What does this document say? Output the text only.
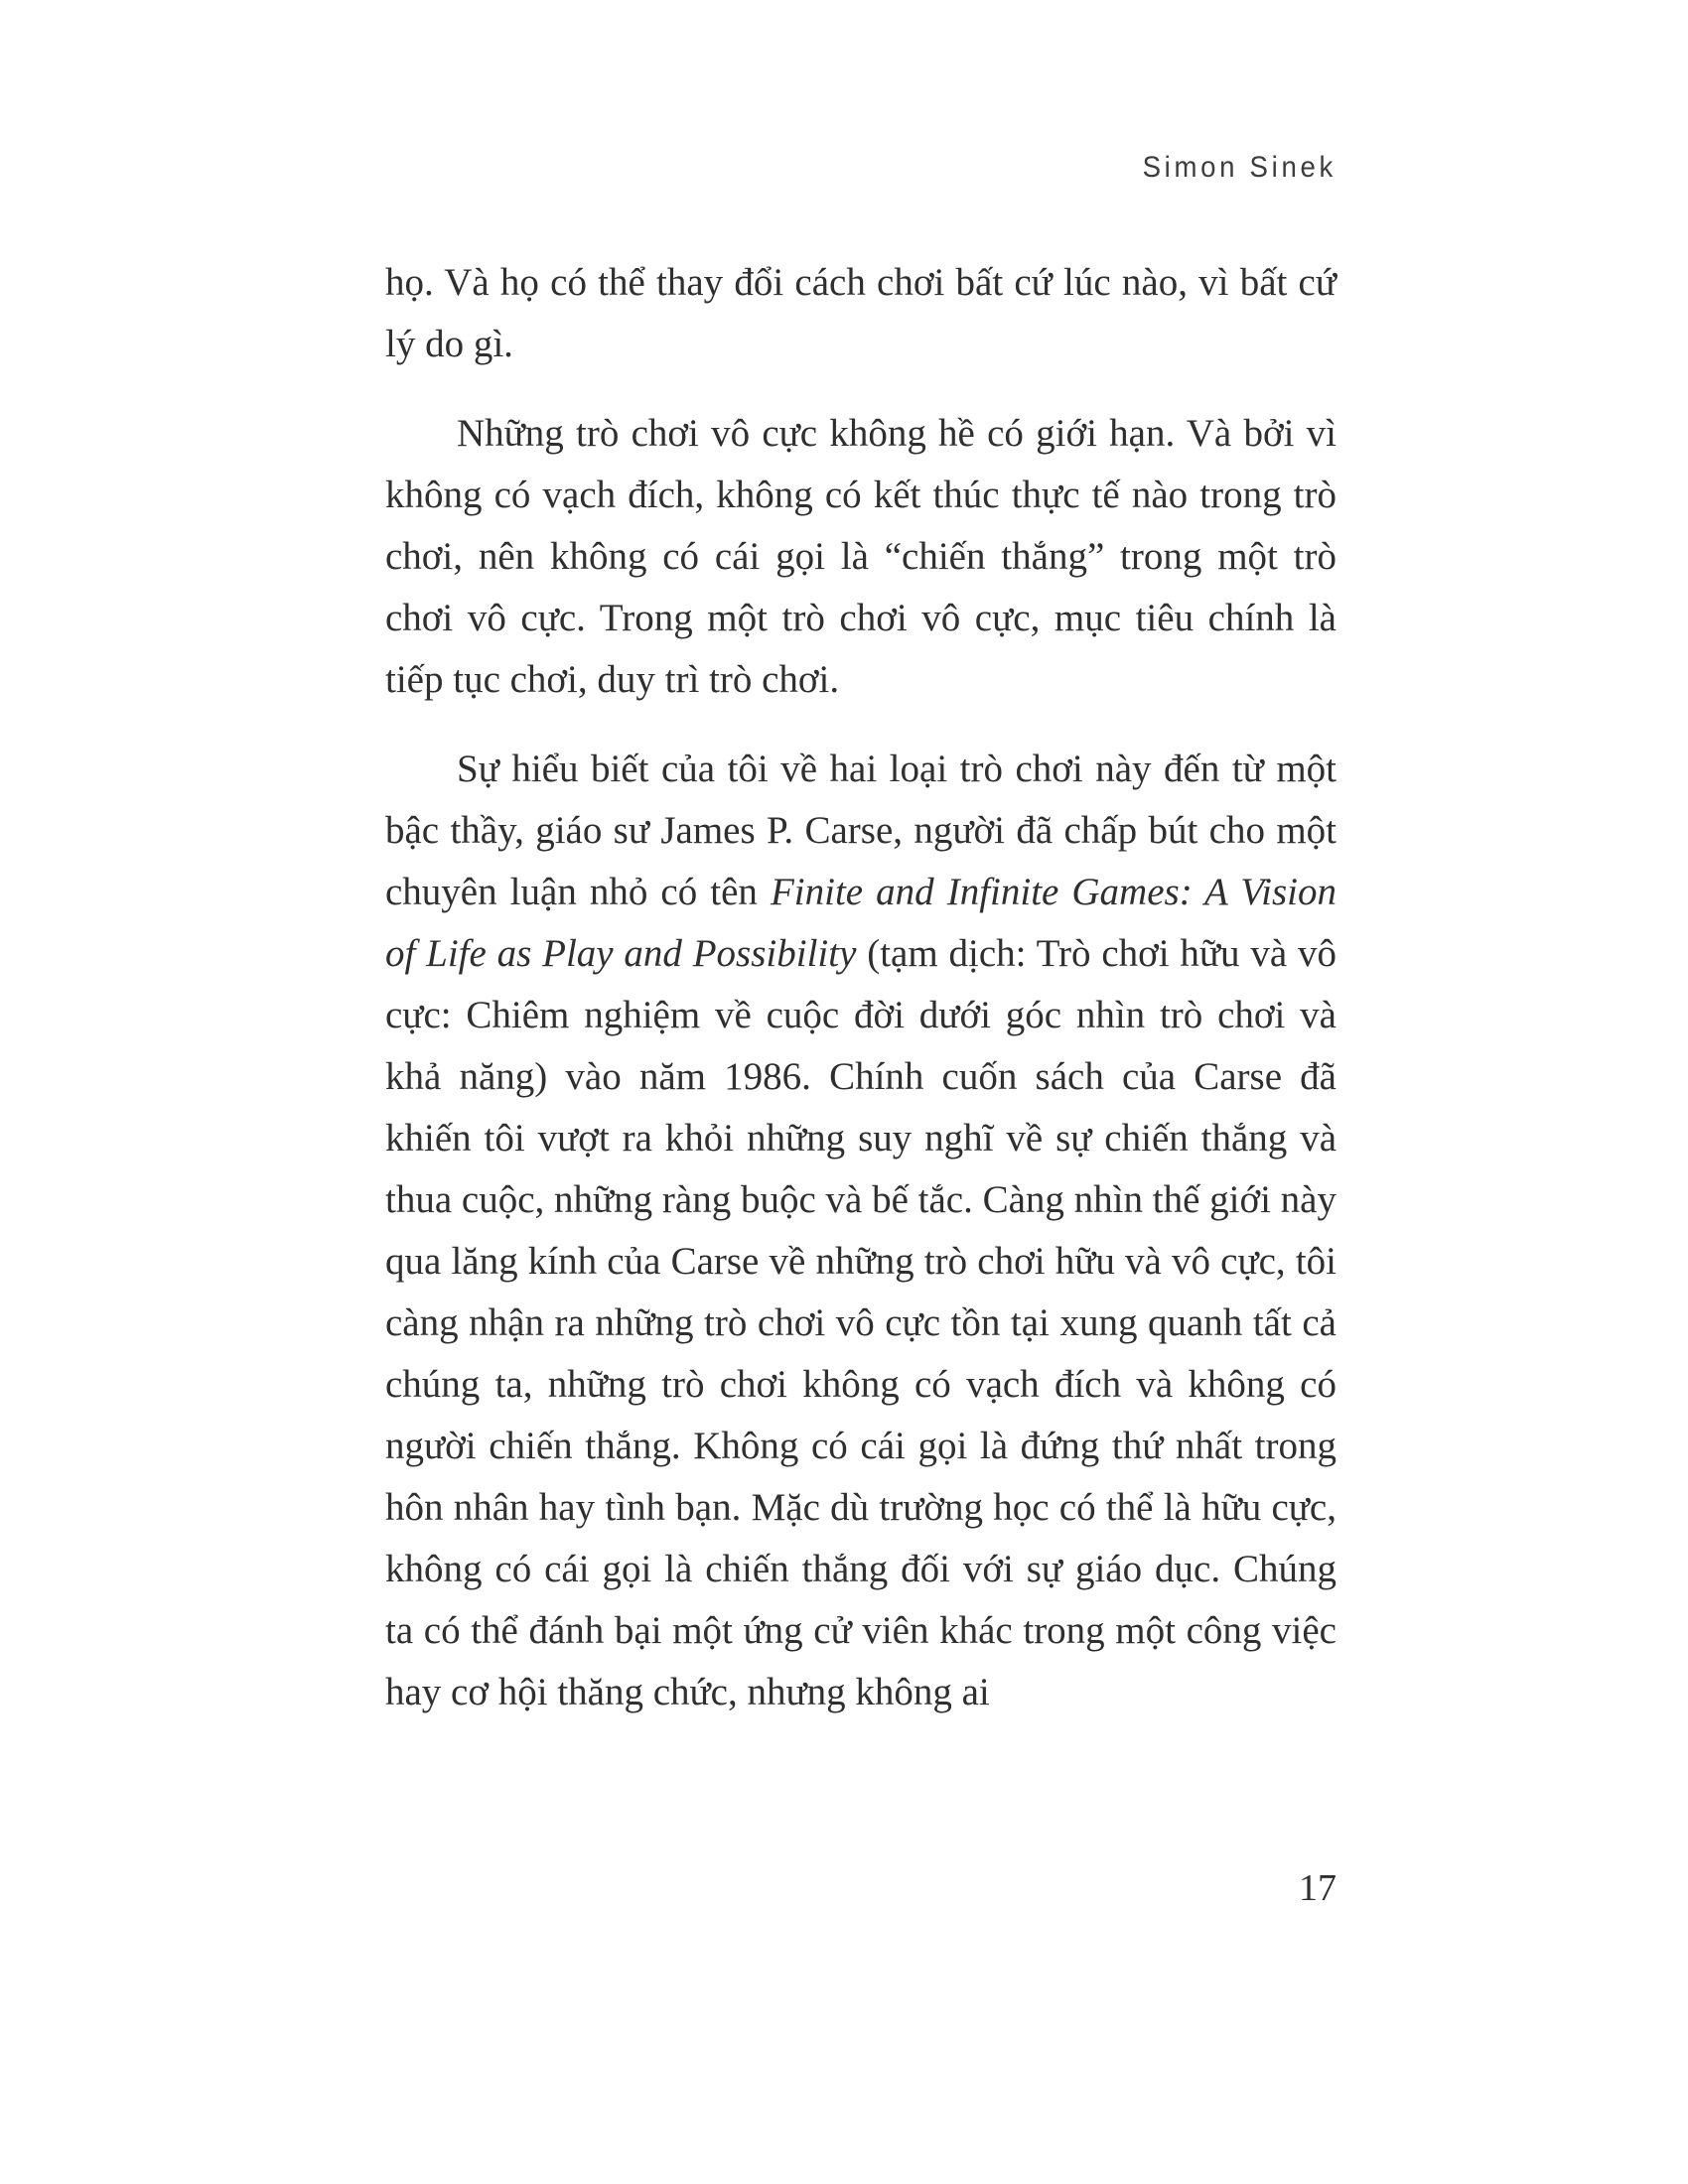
Simon Sinek

họ. Và họ có thể thay đổi cách chơi bất cứ lúc nào, vì bất cứ lý do gì.

Những trò chơi vô cực không hề có giới hạn. Và bởi vì không có vạch đích, không có kết thúc thực tế nào trong trò chơi, nên không có cái gọi là “chiến thắng” trong một trò chơi vô cực. Trong một trò chơi vô cực, mục tiêu chính là tiếp tục chơi, duy trì trò chơi.

Sự hiểu biết của tôi về hai loại trò chơi này đến từ một bậc thầy, giáo sư James P. Carse, người đã chấp bút cho một chuyên luận nhỏ có tên Finite and Infinite Games: A Vision of Life as Play and Possibility (tạm dịch: Trò chơi hữu và vô cực: Chiêm nghiệm về cuộc đời dưới góc nhìn trò chơi và khả năng) vào năm 1986. Chính cuốn sách của Carse đã khiến tôi vượt ra khỏi những suy nghĩ về sự chiến thắng và thua cuộc, những ràng buộc và bế tắc. Càng nhìn thế giới này qua lăng kính của Carse về những trò chơi hữu và vô cực, tôi càng nhận ra những trò chơi vô cực tồn tại xung quanh tất cả chúng ta, những trò chơi không có vạch đích và không có người chiến thắng. Không có cái gọi là đứng thứ nhất trong hôn nhân hay tình bạn. Mặc dù trường học có thể là hữu cực, không có cái gọi là chiến thắng đối với sự giáo dục. Chúng ta có thể đánh bại một ứng cử viên khác trong một công việc hay cơ hội thăng chức, nhưng không ai

17
